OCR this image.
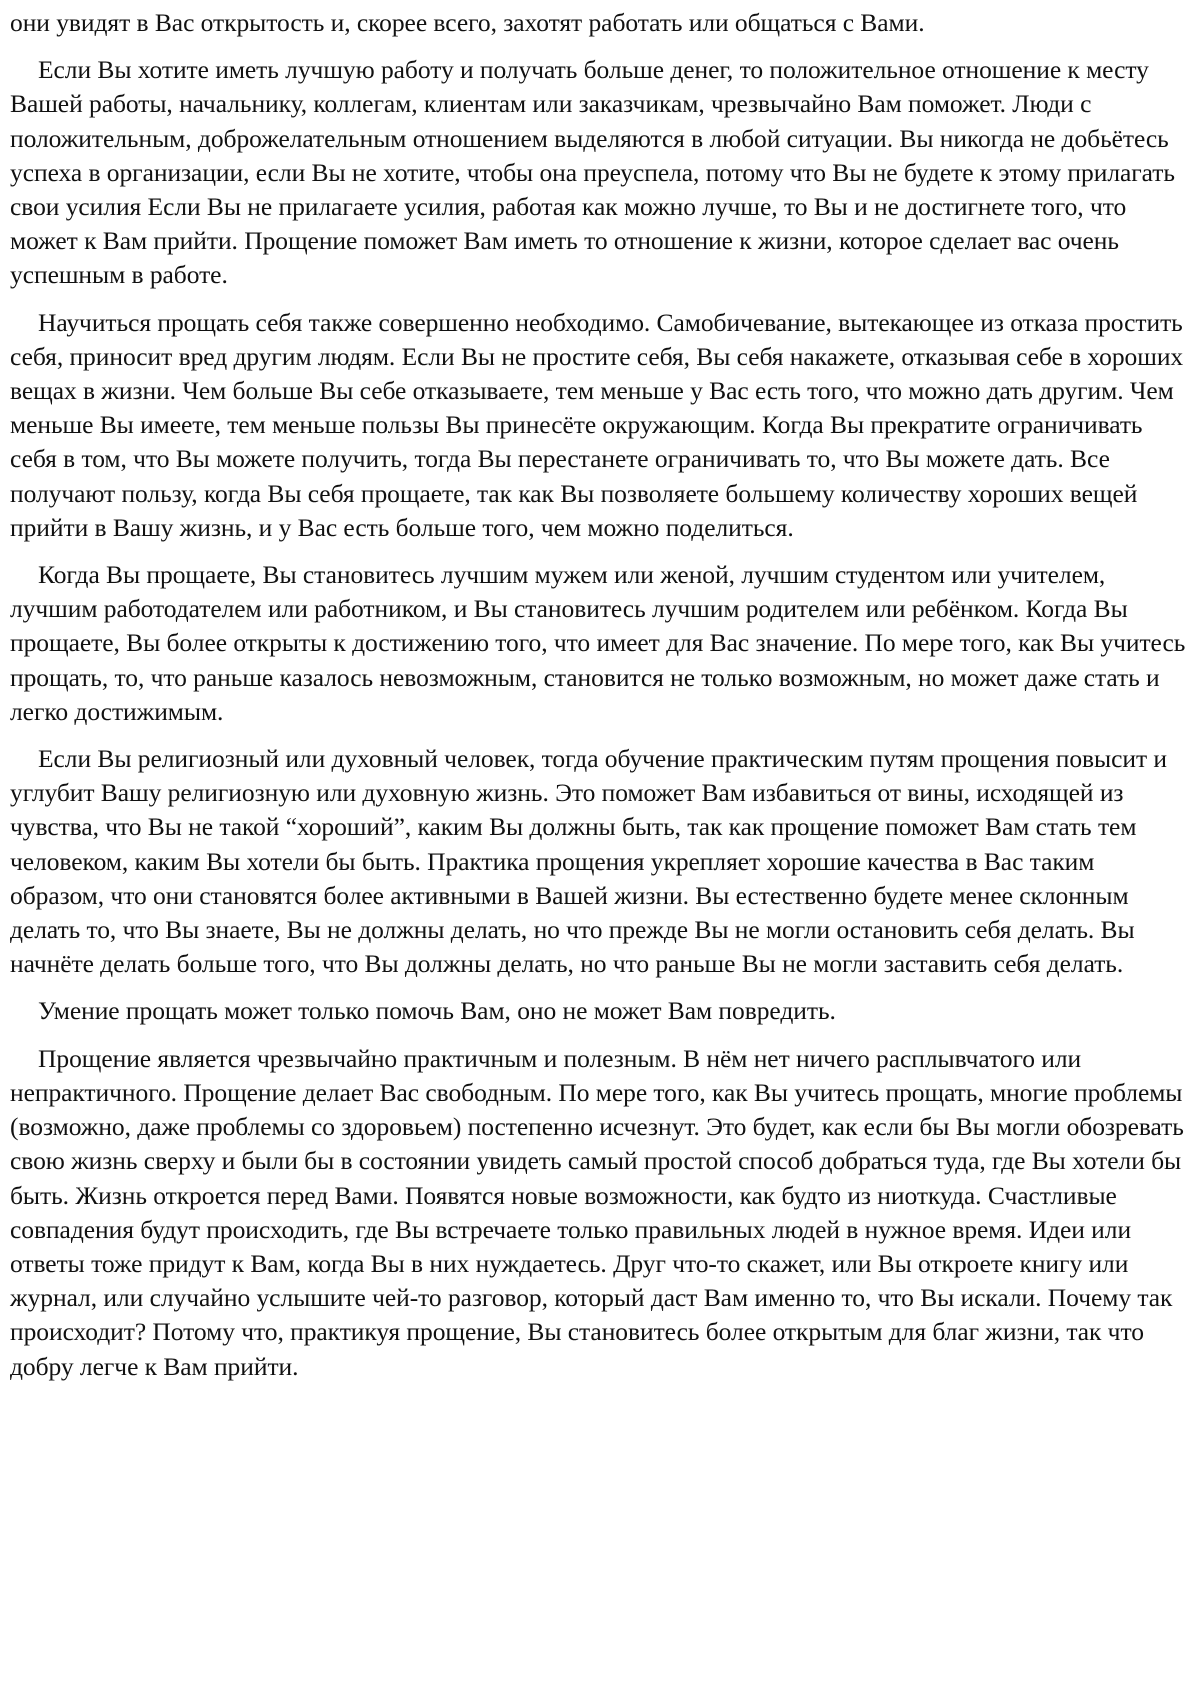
они увидят в Вас открытость и, скорее всего, захотят работать или общаться с Вами.

Если Вы хотите иметь лучшую работу и получать больше денег, то положительное отношение к месту Вашей работы, начальнику, коллегам, клиентам или заказчикам, чрезвычайно Вам поможет. Люди с положительным, доброжелательным отношением выделяются в любой ситуации. Вы никогда не добьётесь успеха в организации, если Вы не хотите, чтобы она преуспела, потому что Вы не будете к этому прилагать свои усилия Если Вы не прилагаете усилия, работая как можно лучше, то Вы и не достигнете того, что может к Вам прийти. Прощение поможет Вам иметь то отношение к жизни, которое сделает вас очень успешным в работе.

Научиться прощать себя также совершенно необходимо. Самобичевание, вытекающее из отказа простить себя, приносит вред другим людям. Если Вы не простите себя, Вы себя накажете, отказывая себе в хороших вещах в жизни. Чем больше Вы себе отказываете, тем меньше у Вас есть того, что можно дать другим. Чем меньше Вы имеете, тем меньше пользы Вы принесёте окружающим. Когда Вы прекратите ограничивать себя в том, что Вы можете получить, тогда Вы перестанете ограничивать то, что Вы можете дать. Все получают пользу, когда Вы себя прощаете, так как Вы позволяете большему количеству хороших вещей прийти в Вашу жизнь, и у Вас есть больше того, чем можно поделиться.

Когда Вы прощаете, Вы становитесь лучшим мужем или женой, лучшим студентом или учителем, лучшим работодателем или работником, и Вы становитесь лучшим родителем или ребёнком. Когда Вы прощаете, Вы более открыты к достижению того, что имеет для Вас значение. По мере того, как Вы учитесь прощать, то, что раньше казалось невозможным, становится не только возможным, но может даже стать и легко достижимым.

Если Вы религиозный или духовный человек, тогда обучение практическим путям прощения повысит и углубит Вашу религиозную или духовную жизнь. Это поможет Вам избавиться от вины, исходящей из чувства, что Вы не такой “хороший”, каким Вы должны быть, так как прощение поможет Вам стать тем человеком, каким Вы хотели бы быть. Практика прощения укрепляет хорошие качества в Вас таким образом, что они становятся более активными в Вашей жизни. Вы естественно будете менее склонным делать то, что Вы знаете, Вы не должны делать, но что прежде Вы не могли остановить себя делать. Вы начнёте делать больше того, что Вы должны делать, но что раньше Вы не могли заставить себя делать.

Умение прощать может только помочь Вам, оно не может Вам повредить.

Прощение является чрезвычайно практичным и полезным. В нём нет ничего расплывчатого или непрактичного. Прощение делает Вас свободным. По мере того, как Вы учитесь прощать, многие проблемы (возможно, даже проблемы со здоровьем) постепенно исчезнут. Это будет, как если бы Вы могли обозревать свою жизнь сверху и были бы в состоянии увидеть самый простой способ добраться туда, где Вы хотели бы быть. Жизнь откроется перед Вами. Появятся новые возможности, как будто из ниоткуда. Счастливые совпадения будут происходить, где Вы встречаете только правильных людей в нужное время. Идеи или ответы тоже придут к Вам, когда Вы в них нуждаетесь. Друг что-то скажет, или Вы откроете книгу или журнал, или случайно услышите чей-то разговор, который даст Вам именно то, что Вы искали. Почему так происходит? Потому что, практикуя прощение, Вы становитесь более открытым для благ жизни, так что добру легче к Вам прийти.
